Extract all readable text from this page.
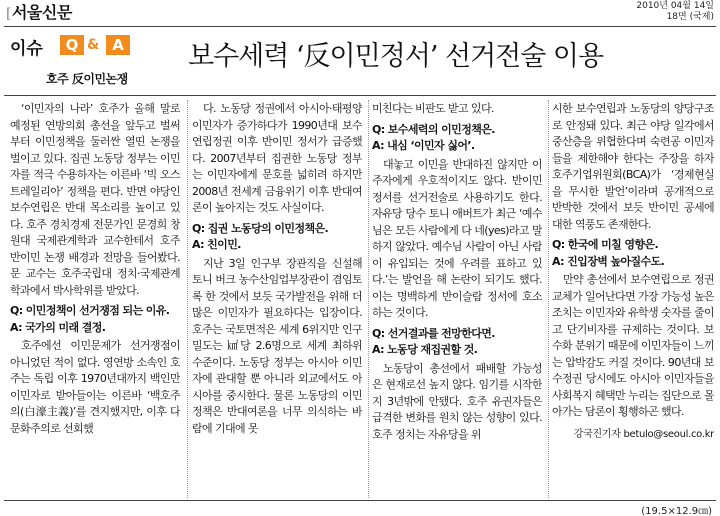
[서울신문	2010년 04월 14일
18면 (국제)
이슈	Q & A
호주 反이민논쟁
보수세력 ‘反이민정서’ 선거전술 이용

‘이민자의 나라’ 호주가 올해 말로 예정된 연방의회 총선을 앞두고 벌써부터 이민정책을 둘러싼 열띤 논쟁을 벌이고 있다. 집권 노동당 정부는 이민자를 적극 수용하자는 이른바 ‘빅 오스트레일리아’ 정책을 편다. 반면 야당인 보수연립은 반대 목소리를 높이고 있다. 호주 경치경제 전문가인 문경희 창원대 국제관계학과 교수한테서 호주 반이민 논쟁 배경과 전망을 들어봤다. 문 교수는 호주국립대 정치·국제관계학과에서 박사학위를 받았다.

Q: 이민정책이 선거쟁점 되는 이유.

A: 국가의 미래 결정.

호주에선 이민문제가 선거쟁점이 아니었던 적이 없다. 영연방 소속인 호주는 독립 이후 1970년대까지 백인만 이민자로 받아들이는 이른바 ‘백호주의(白濠主義)’를 견지했지만, 이후 다문화주의로 선회했

다. 노동당 정권에서 아시아·태평양 이민자가 증가하다가 1990년대 보수연립정권 이후 반이민 정서가 급증했다. 2007년부터 집권한 노동당 정부는 이민자에게 문호를 넓히려 하지만 2008년 전세계 금융위기 이후 반대여론이 높아지는 것도 사실이다.

Q: 집권 노동당의 이민정책은.

A: 친이민.

지난 3일 인구부 장관직을 신설해 토니 버크 농수산임업부장관이 겸임토록 한 것에서 보듯 국가발전을 위해 더 많은 이민자가 필요하다는 입장이다. 호주는 국토면적은 세계 6위지만 인구밀도는 ㎢당 2.6명으로 세계 최하위 수준이다. 노동당 정부는 아시아 이민자에 관대할 뿐 아니라 외교에서도 아시아를 중시한다. 물론 노동당의 이민정책은 반대여론을 너무 의식하는 바람에 기대에 못

미친다는 비판도 받고 있다.

Q: 보수세력의 이민정책은.

A: 내심 ‘이민자 싫어’.

대놓고 이민을 반대하진 않지만 이주자에게 우호적이지도 않다. 반이민정서를 선거전술로 사용하기도 한다. 자유당 당수 토니 애버트가 최근 ‘예수님은 모든 사람에게 다 네(yes)라고 말하지 않았다. 예수님 사람이 아닌 사람이 유입되는 것에 우려를 표하고 있다.’는 발언을 해 논란이 되기도 했다. 이는 명백하게 반이슬람 정서에 호소하는 것이다.

Q: 선거결과를 전망한다면.

A: 노동당 재집권할 것.

노동당이 총선에서 패배할 가능성은 현재로선 높지 않다. 임기를 시작한 지 3년밖에 안됐다. 호주 유권자들은 급격한 변화를 원치 않는 성향이 있다. 호주 정치는 자유당을 위

시한 보수연립과 노동당의 양당구조로 안정돼 있다. 최근 야당 일각에서 중산층을 위협한다며 숙련공 이민자들을 제한해야 한다는 주장을 하자 호주기업위원회(BCA)가 ‘경제현실을 무시한 발언’이라며 공개적으로 반박한 것에서 보듯 반이민 공세에 대한 역풍도 존재한다.

Q: 한국에 미칠 영향은.

A: 진입장벽 높아질수도.

만약 총선에서 보수연립으로 정권교체가 일어난다면 가장 가능성 높은 조치는 이민자와 유학생 숫자를 줄이고 단기비자를 규제하는 것이다. 보수화 분위기 때문에 이민자들이 느끼는 압박감도 커질 것이다. 90년대 보수정권 당시에도 아시아 이민자들을 사회복지 혜택만 누리는 집단으로 몰아가는 담론이 횡행하곤 했다.

강국진기자 betulo@seoul.co.kr
(19.5×12.9㎝)
